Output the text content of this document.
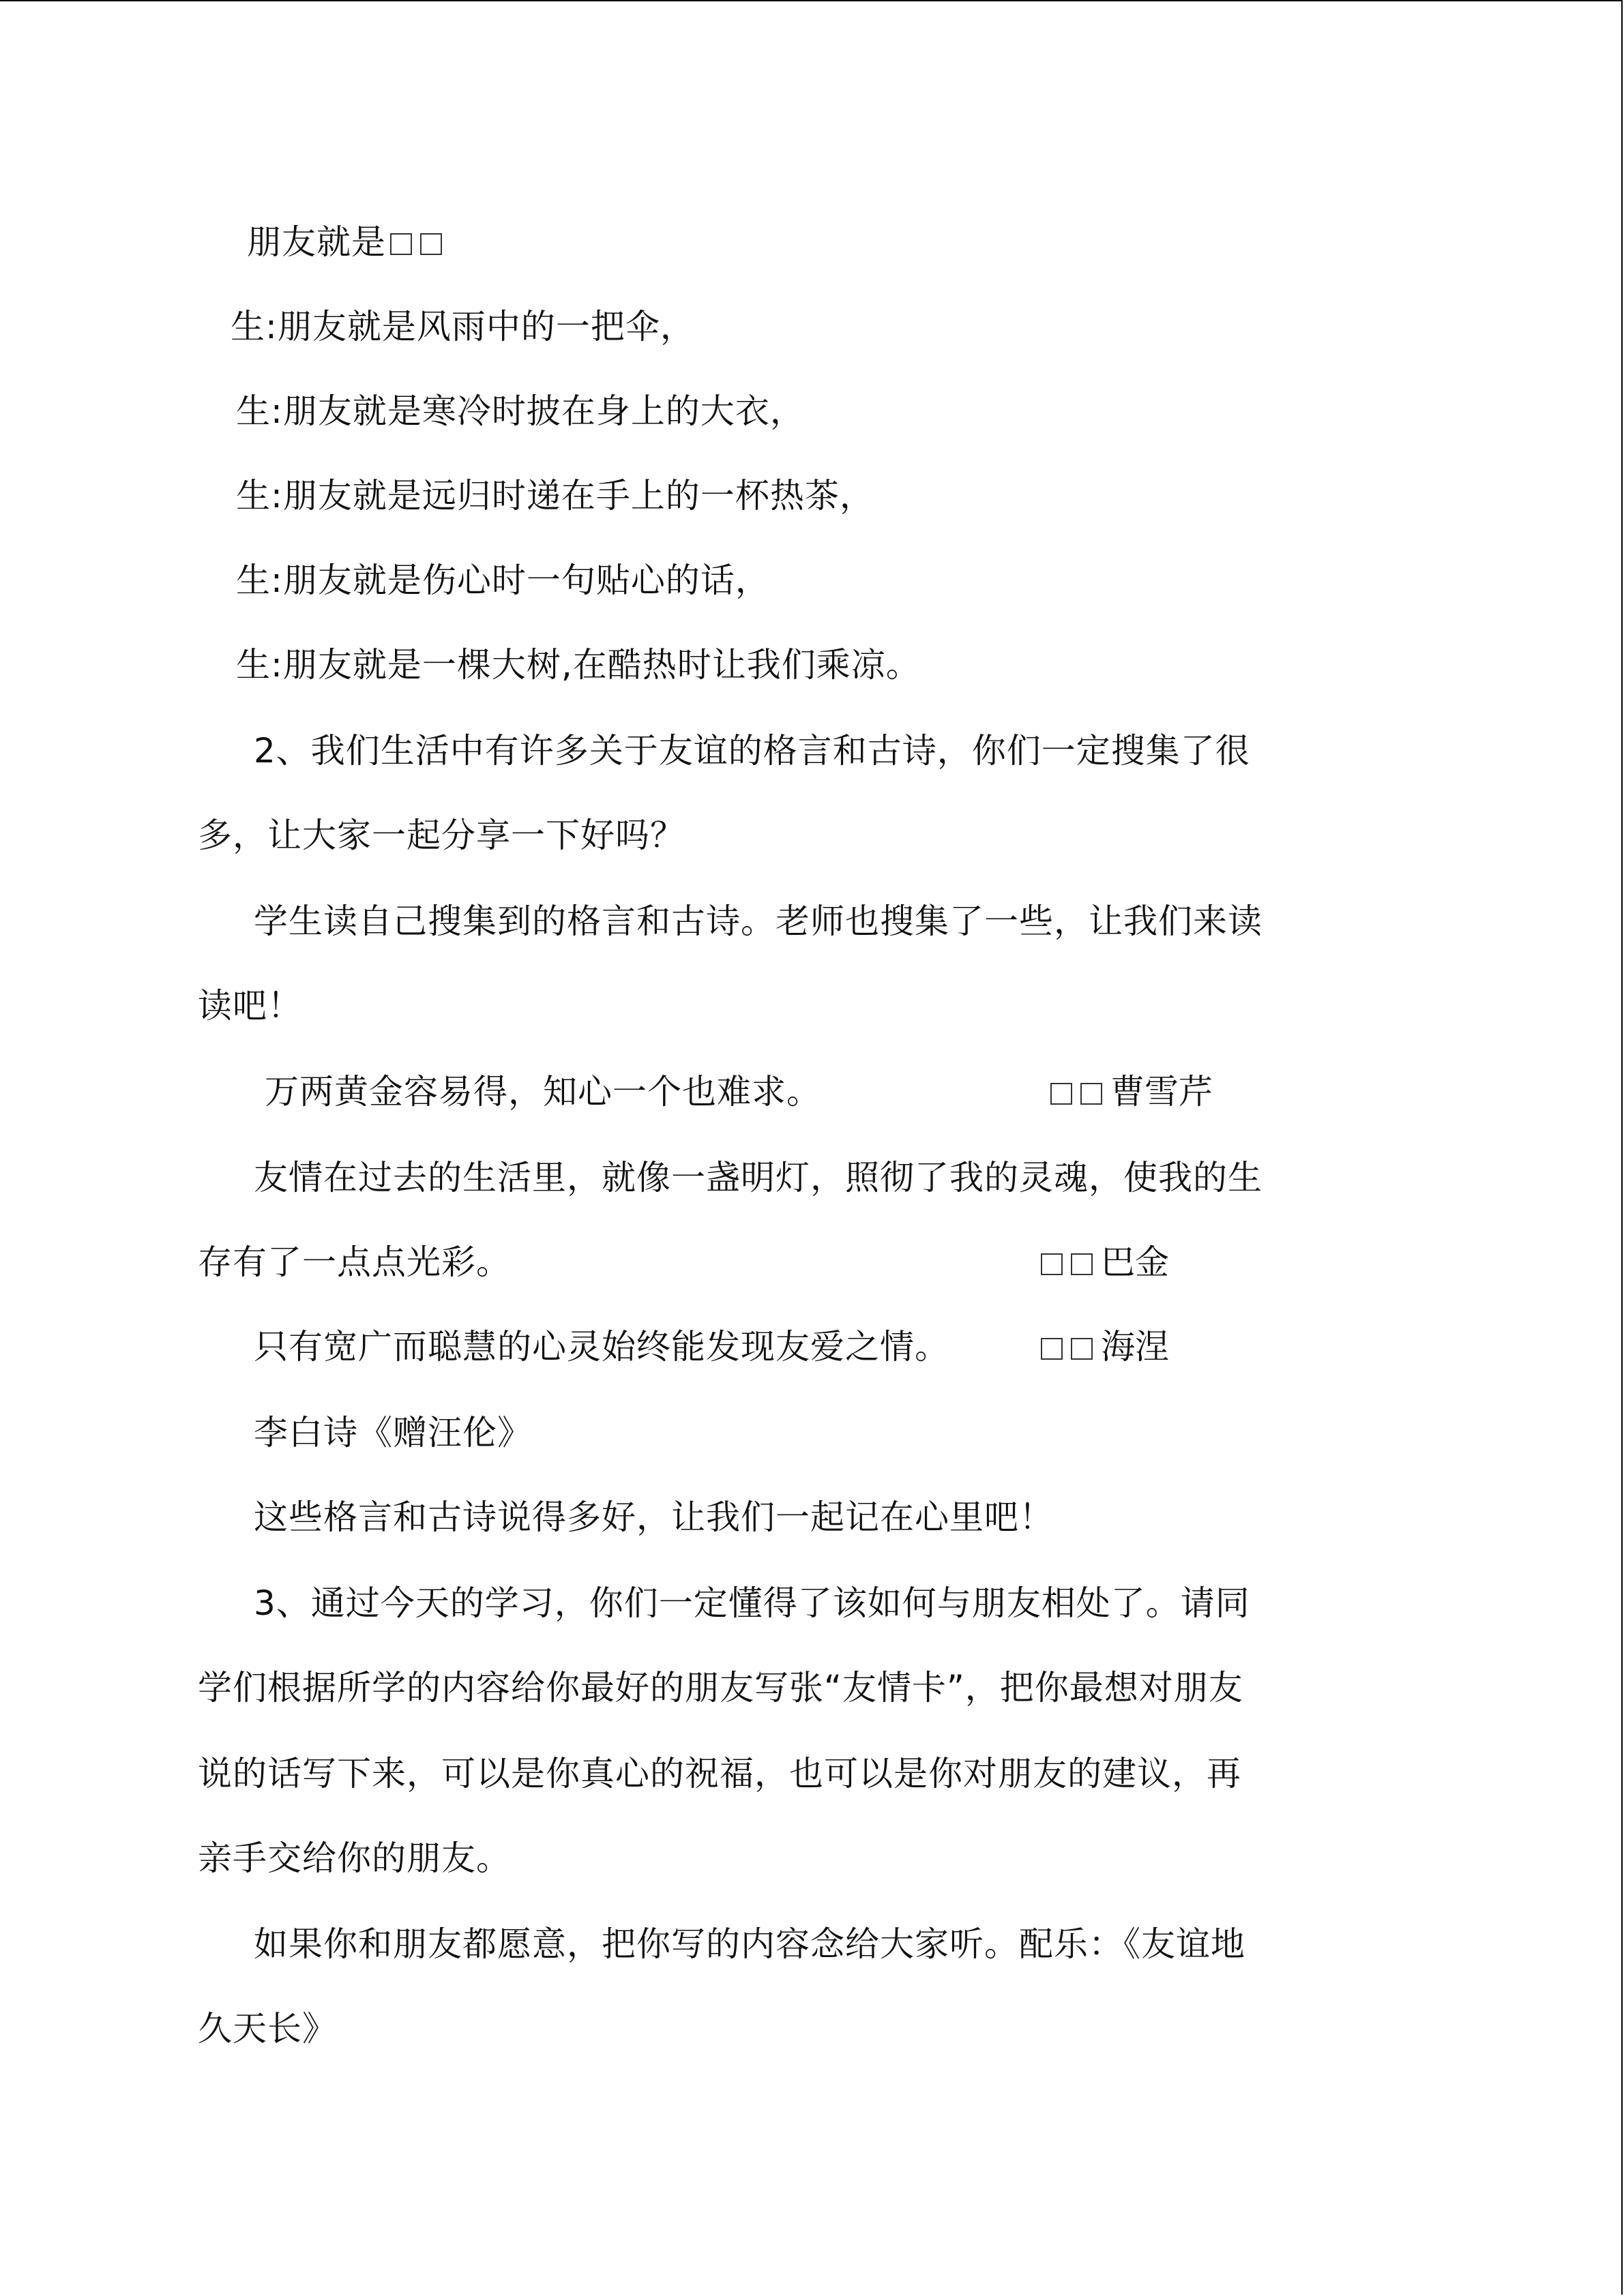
朋友就是

生:朋友就是风雨中的一把伞，

生:朋友就是寒冷时披在身上的大衣，

生:朋友就是远归时递在手上的一杯热茶，

生:朋友就是伤心时一句贴心的话，

生:朋友就是一棵大树,在酷热时让我们乘凉。

2、我们生活中有许多关于友谊的格言和古诗，你们一定搜集了很

多，让大家一起分享一下好吗？

学生读自己搜集到的格言和古诗。老师也搜集了一些，让我们来读

读吧！

万两黄金容易得，知心一个也难求。	曹雪芹

友情在过去的生活里，就像一盏明灯，照彻了我的灵魂，使我的生

存有了一点点光彩。	巴金

只有宽广而聪慧的心灵始终能发现友爱之情。	海涅

李白诗《赠汪伦》

这些格言和古诗说得多好，让我们一起记在心里吧！

3、通过今天的学习，你们一定懂得了该如何与朋友相处了。请同

学们根据所学的内容给你最好的朋友写张“友情卡”，把你最想对朋友

说的话写下来，可以是你真心的祝福，也可以是你对朋友的建议，再

亲手交给你的朋友。

如果你和朋友都愿意，把你写的内容念给大家听。配乐：《友谊地

久天长》
